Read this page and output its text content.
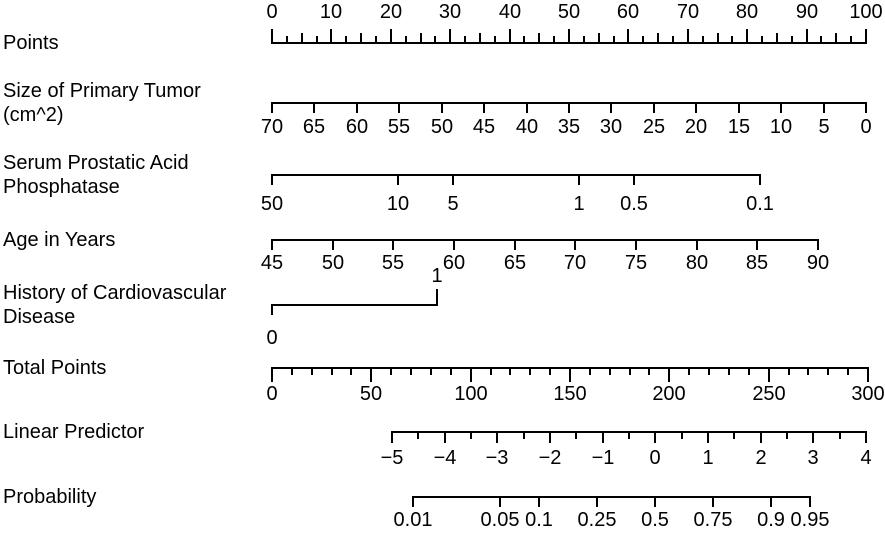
Points
0 10 20 30 40 50 60 70 80 90 100
Size of Primary Tumor
(cm^2)
70 65 60 55 50 45 40 35 30 25 20 15 10 5 0
Serum Prostatic Acid
Phosphatase
50	10 5	1 0.5	0.1
Age in Years
45 50 55 60 65 70 75 80 85 90
History of Cardiovascular
Disease
0
1
Total Points
0	50	100	150	200	250	300
Linear Predictor
−5 −4 −3 −2 −1 0 1 2 3 4
Probability
0.01 0.05 0.1 0.25 0.5 0.75 0.9 0.95
